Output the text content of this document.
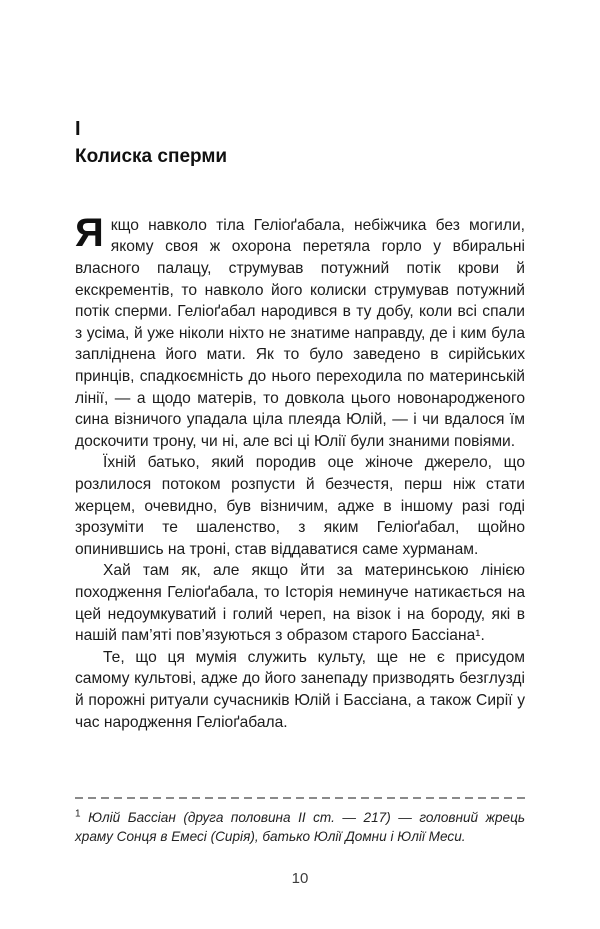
I
Колиска сперми

Якщо навколо тіла Геліоґабала, небіжчика без могили, якому своя ж охорона перетяла горло у вбиральні власного палацу, струмував потужний потік крови й екскрементів, то навколо його колиски струмував потужний потік сперми. Геліоґабал народився в ту добу, коли всі спали з усіма, й уже ніколи ніхто не знатиме направду, де і ким була запліднена його мати. Як то було заведено в сирійських принців, спадкоємність до нього переходила по материнській лінії, — а щодо матерів, то довкола цього новонародженого сина візничого упадала ціла плеяда Юлій, — і чи вдалося їм доскочити трону, чи ні, але всі ці Юлії були знаними повіями.

Їхній батько, який породив оце жіноче джерело, що розлилося потоком розпусти й безчестя, перш ніж стати жерцем, очевидно, був візничим, адже в іншому разі годі зрозуміти те шаленство, з яким Геліоґабал, щойно опинившись на троні, став віддаватися саме хурманам.

Хай там як, але якщо йти за материнською лінією походження Геліоґабала, то Історія неминуче натикається на цей недоумкуватий і голий череп, на візок і на бороду, які в нашій пам’яті пов’язуються з образом старого Бассіана¹.

Те, що ця мумія служить культу, ще не є присудом самому культові, адже до його занепаду призводять безглузді й порожні ритуали сучасників Юлій і Бассіана, а також Сирії у час народження Геліоґабала.

$^1$ Юлій Бассіан (друга половина II ст. — 217) — головний жрець храму Сонця в Емесі (Сирія), батько Юлії Домни і Юлії Меси.

10
